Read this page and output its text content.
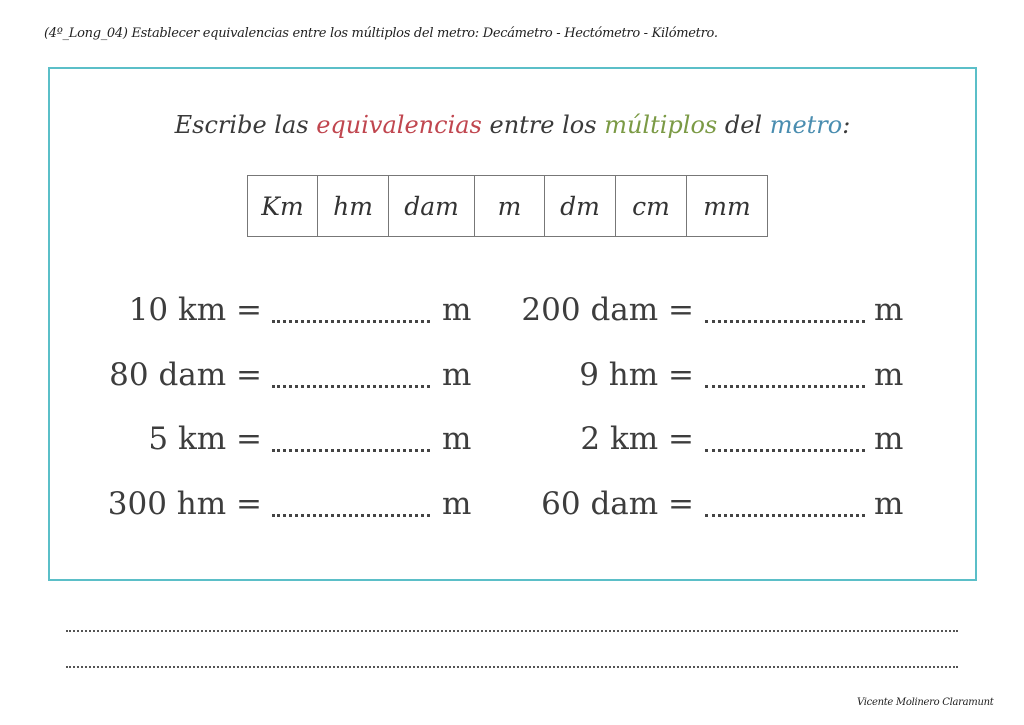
(4º_Long_04) Establecer equivalencias entre los múltiplos del metro: Decámetro - Hectómetro - Kilómetro.
Escribe las equivalencias entre los múltiplos del metro:
Km	hm	dam	m	dm	cm	mm
10 km =	m
80 dam =	m
5 km =	m
300 hm =	m
200 dam =	m
9 hm =	m
2 km =	m
60 dam =	m
Vicente Molinero Claramunt
